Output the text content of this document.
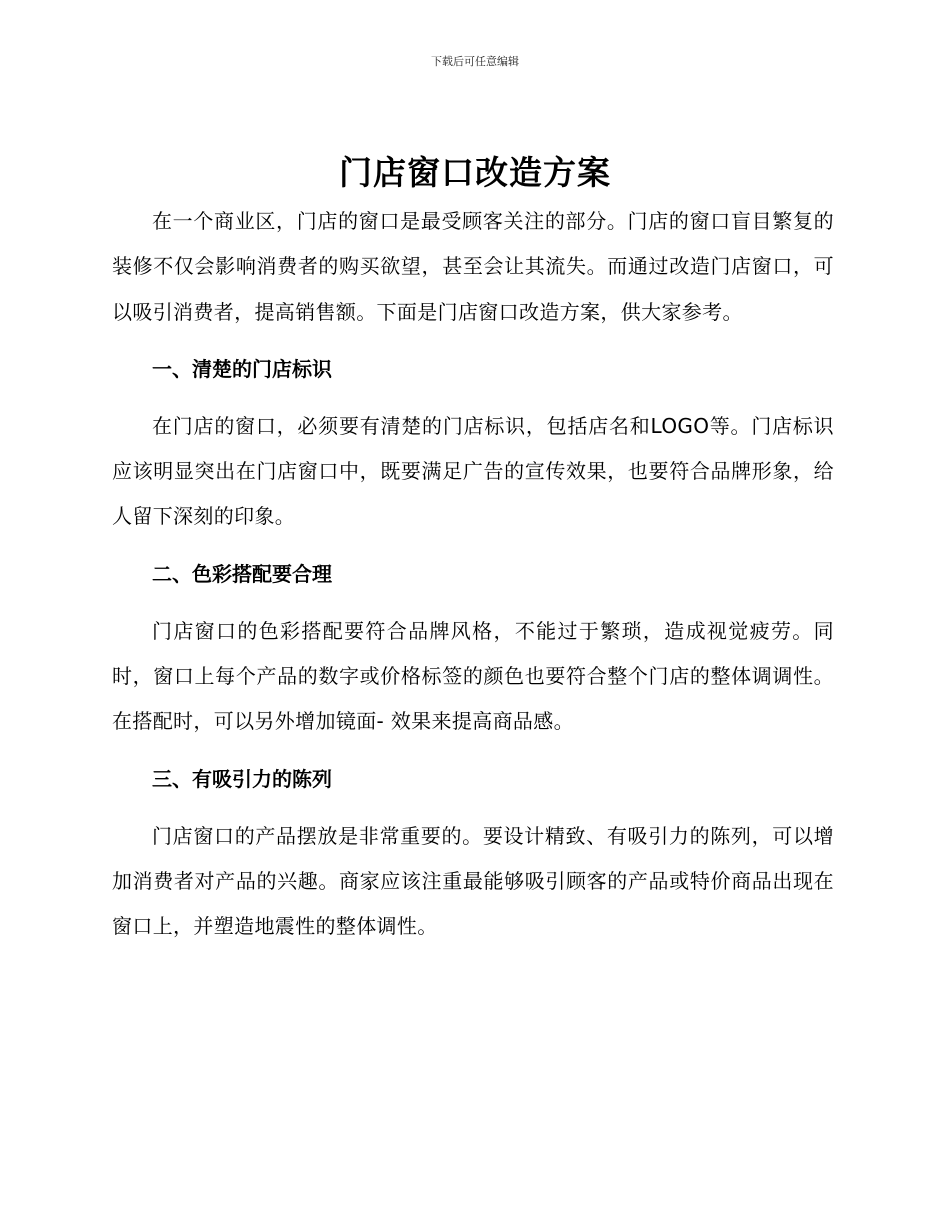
下载后可任意编辑
门店窗口改造方案

在一个商业区，门店的窗口是最受顾客关注的部分。门店的窗口盲目繁复的装修不仅会影响消费者的购买欲望，甚至会让其流失。而通过改造门店窗口，可以吸引消费者，提高销售额。下面是门店窗口改造方案，供大家参考。

一、清楚的门店标识

在门店的窗口，必须要有清楚的门店标识，包括店名和LOGO等。门店标识应该明显突出在门店窗口中，既要满足广告的宣传效果，也要符合品牌形象，给人留下深刻的印象。

二、色彩搭配要合理

门店窗口的色彩搭配要符合品牌风格，不能过于繁琐，造成视觉疲劳。同时，窗口上每个产品的数字或价格标签的颜色也要符合整个门店的整体调调性。在搭配时，可以另外增加镜面- 效果来提高商品感。

三、有吸引力的陈列

门店窗口的产品摆放是非常重要的。要设计精致、有吸引力的陈列，可以增加消费者对产品的兴趣。商家应该注重最能够吸引顾客的产品或特价商品出现在窗口上，并塑造地震性的整体调性。
